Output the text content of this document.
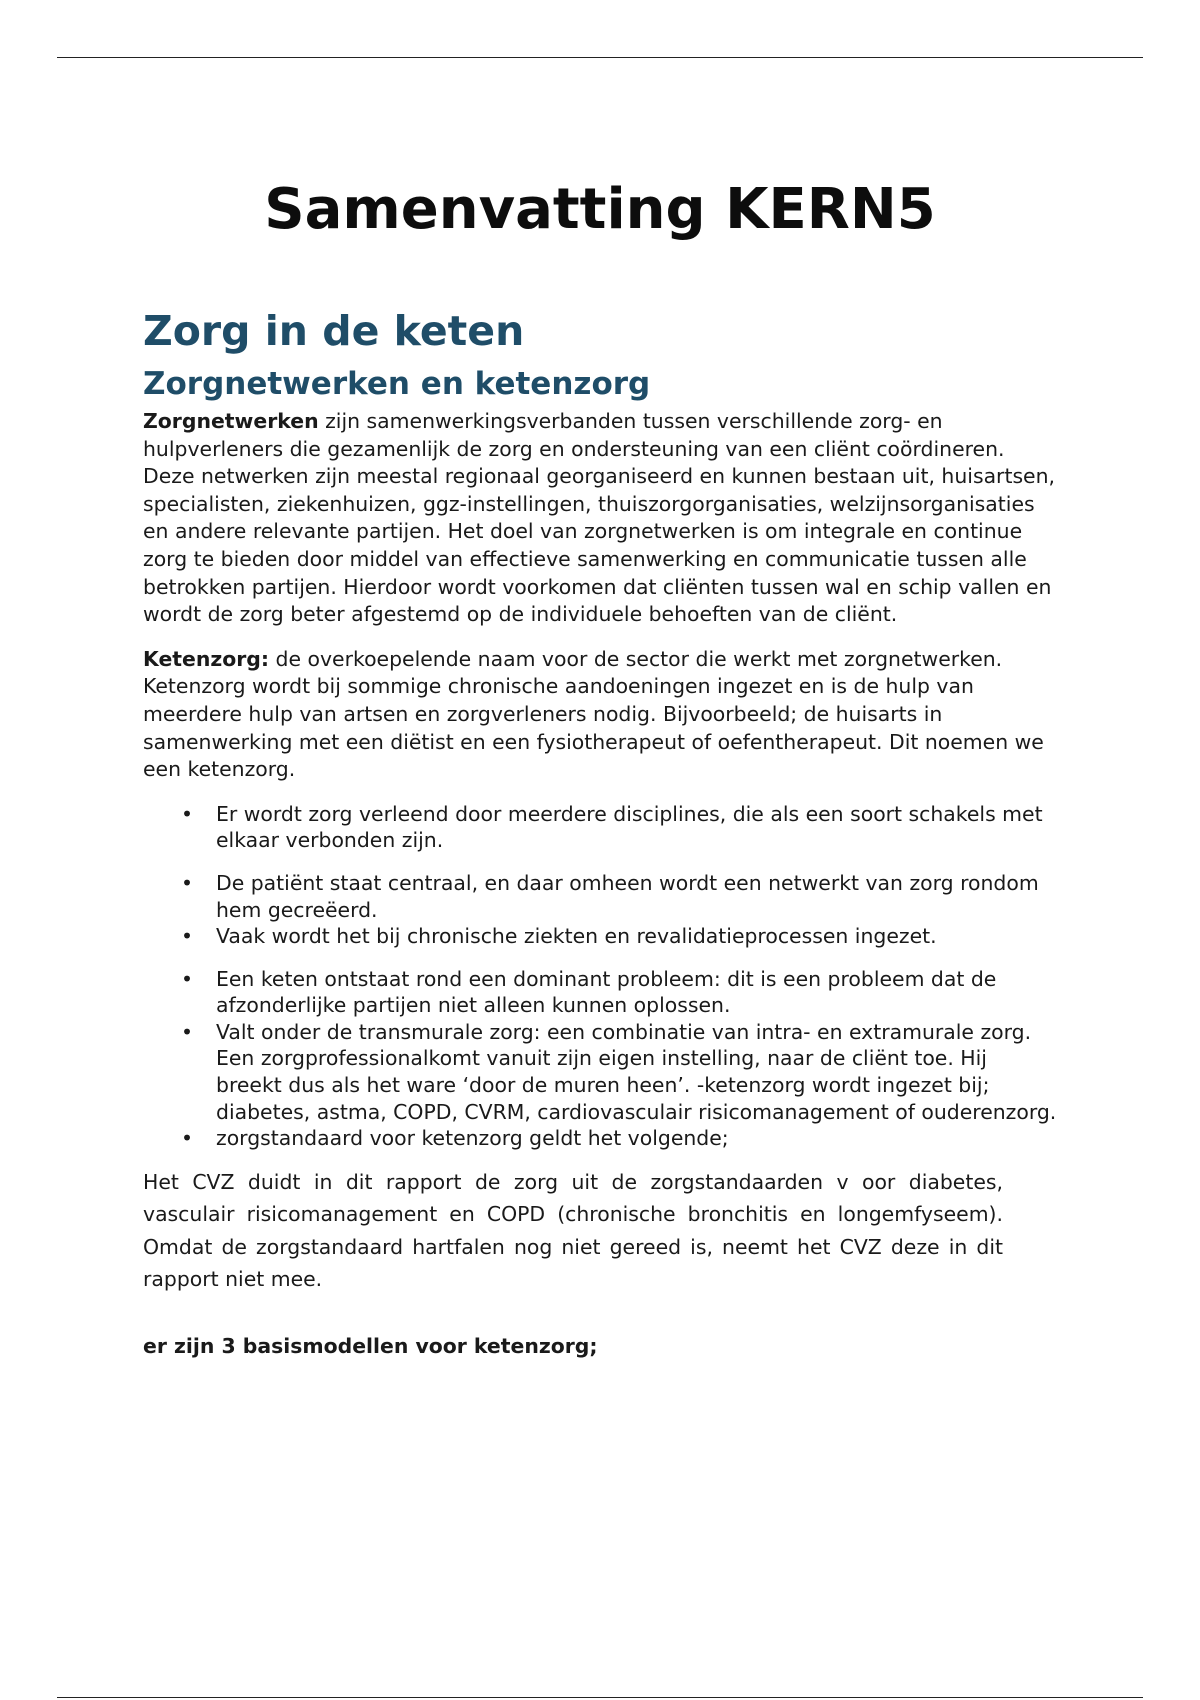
Samenvatting KERN5
Zorg in de keten
Zorgnetwerken en ketenzorg

Zorgnetwerken zijn samenwerkingsverbanden tussen verschillende zorg- en hulpverleners die gezamenlijk de zorg en ondersteuning van een cliënt coördineren. Deze netwerken zijn meestal regionaal georganiseerd en kunnen bestaan uit, huisartsen, specialisten, ziekenhuizen, ggz-instellingen, thuiszorgorganisaties, welzijnsorganisaties en andere relevante partijen. Het doel van zorgnetwerken is om integrale en continue zorg te bieden door middel van effectieve samenwerking en communicatie tussen alle betrokken partijen. Hierdoor wordt voorkomen dat cliënten tussen wal en schip vallen en wordt de zorg beter afgestemd op de individuele behoeften van de cliënt.

Ketenzorg: de overkoepelende naam voor de sector die werkt met zorgnetwerken. Ketenzorg wordt bij sommige chronische aandoeningen ingezet en is de hulp van meerdere hulp van artsen en zorgverleners nodig. Bijvoorbeeld; de huisarts in samenwerking met een diëtist en een fysiotherapeut of oefentherapeut. Dit noemen we een ketenzorg.

• Er wordt zorg verleend door meerdere disciplines, die als een soort schakels met elkaar verbonden zijn.
• De patiënt staat centraal, en daar omheen wordt een netwerkt van zorg rondom hem gecreëerd.
• Vaak wordt het bij chronische ziekten en revalidatieprocessen ingezet.
• Een keten ontstaat rond een dominant probleem: dit is een probleem dat de afzonderlijke partijen niet alleen kunnen oplossen.
• Valt onder de transmurale zorg: een combinatie van intra- en extramurale zorg. Een zorgprofessionalkomt vanuit zijn eigen instelling, naar de cliënt toe. Hij breekt dus als het ware ‘door de muren heen’. -ketenzorg wordt ingezet bij; diabetes, astma, COPD, CVRM, cardiovasculair risicomanagement of ouderenzorg.
• zorgstandaard voor ketenzorg geldt het volgende;

Het CVZ duidt in dit rapport de zorg uit de zorgstandaarden v oor diabetes, vasculair risicomanagement en COPD (chronische bronchitis en longemfyseem). Omdat de zorgstandaard hartfalen nog niet gereed is, neemt het CVZ deze in dit rapport niet mee.

er zijn 3 basismodellen voor ketenzorg;
